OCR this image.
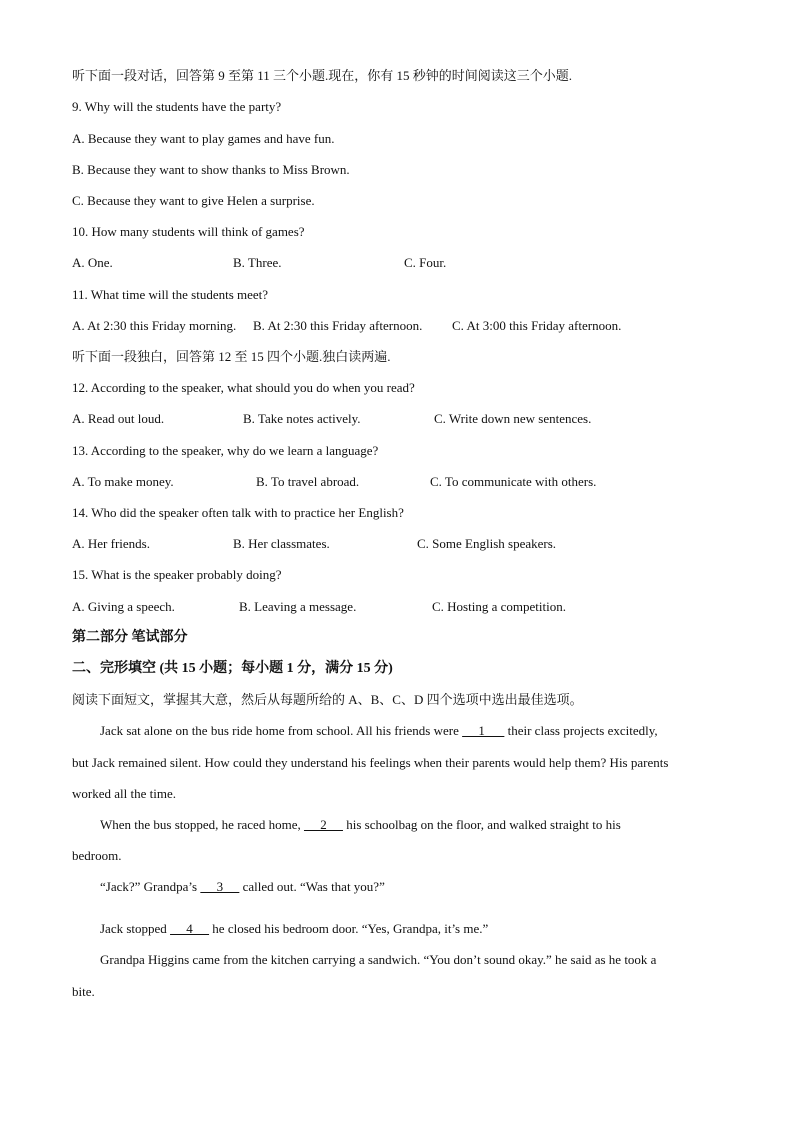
听下面一段对话，回答第 9 至第 11 三个小题.现在，你有 15 秒钟的时间阅读这三个小题.
9. Why will the students have the party?
A. Because they want to play games and have fun.
B. Because they want to show thanks to Miss Brown.
C. Because they want to give Helen a surprise.
10. How many students will think of games?
A. One.	B. Three.	C. Four.
11. What time will the students meet?
A. At 2:30 this Friday morning. B. At 2:30 this Friday afternoon. C. At 3:00 this Friday afternoon.
听下面一段独白，回答第 12 至 15 四个小题.独白读两遍.
12. According to the speaker, what should you do when you read?
A. Read out loud.	B. Take notes actively.	C. Write down new sentences.
13. According to the speaker, why do we learn a language?
A. To make money.	B. To travel abroad.	C. To communicate with others.
14. Who did the speaker often talk with to practice her English?
A. Her friends.	B. Her classmates.	C. Some English speakers.
15. What is the speaker probably doing?
A. Giving a speech.	B. Leaving a message.	C. Hosting a competition.
第二部分 笔试部分
二、完形填空 (共 15 小题；每小题 1 分，满分 15 分)
阅读下面短文，掌握其大意，然后从每题所给的 A、B、C、D 四个选项中选出最佳选项。
Jack sat alone on the bus ride home from school. All his friends were      1       their class projects excitedly,
but Jack remained silent. How could they understand his feelings when their parents would help them? His parents
worked all the time.
When the bus stopped, he raced home,      2      his schoolbag on the floor, and walked straight to his
bedroom.
“Jack?” Grandpa’s      3      called out. “Was that you?”
Jack stopped      4      he closed his bedroom door. “Yes, Grandpa, it’s me.”
Grandpa Higgins came from the kitchen carrying a sandwich. “You don’t sound okay.” he said as he took a
bite.
